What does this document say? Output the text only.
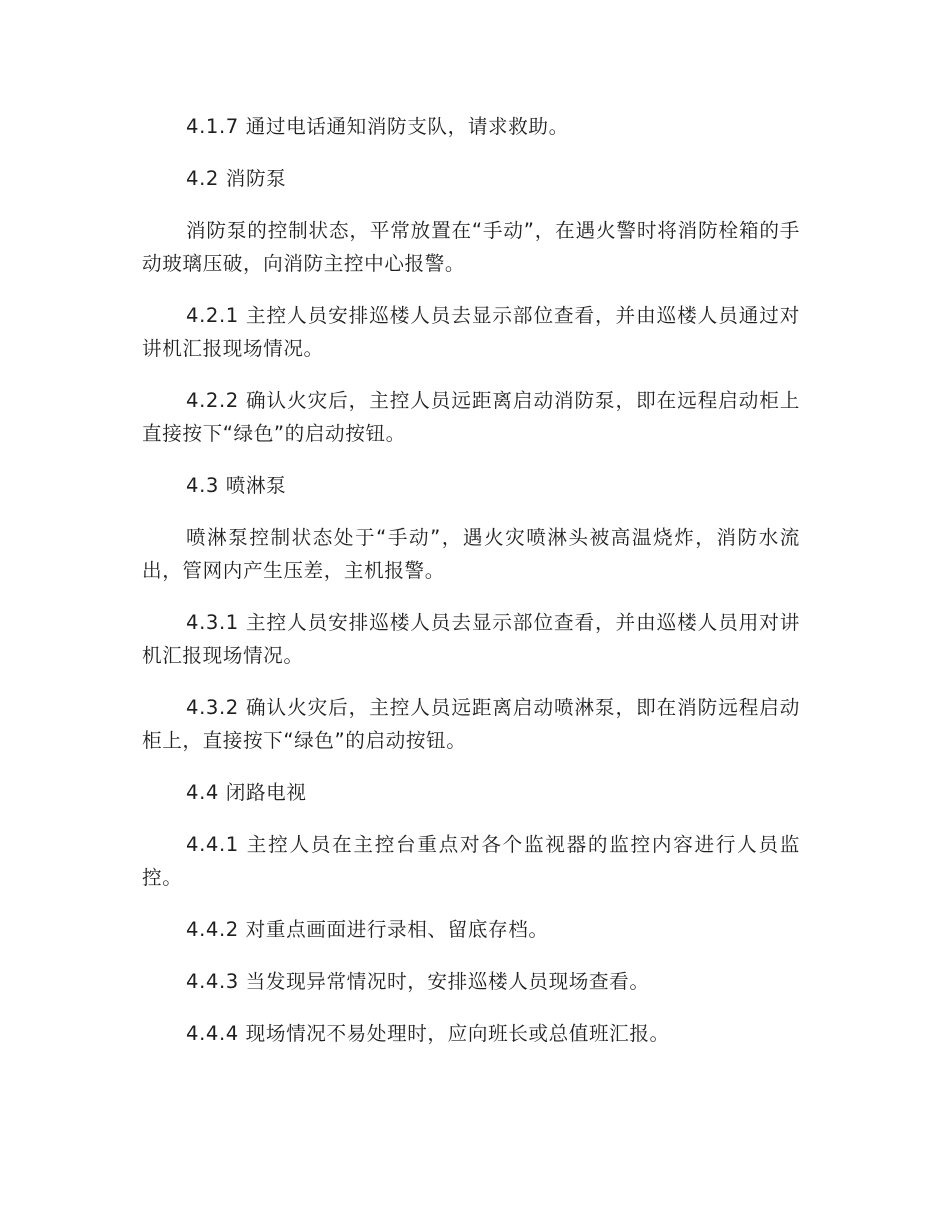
4.1.7 通过电话通知消防支队，请求救助。

4.2 消防泵

消防泵的控制状态，平常放置在“手动”，在遇火警时将消防栓箱的手动玻璃压破，向消防主控中心报警。

4.2.1 主控人员安排巡楼人员去显示部位查看，并由巡楼人员通过对讲机汇报现场情况。

4.2.2 确认火灾后，主控人员远距离启动消防泵，即在远程启动柜上直接按下“绿色”的启动按钮。

4.3 喷淋泵

喷淋泵控制状态处于“手动”，遇火灾喷淋头被高温烧炸，消防水流出，管网内产生压差，主机报警。

4.3.1 主控人员安排巡楼人员去显示部位查看，并由巡楼人员用对讲机汇报现场情况。

4.3.2 确认火灾后，主控人员远距离启动喷淋泵，即在消防远程启动柜上，直接按下“绿色”的启动按钮。

4.4 闭路电视

4.4.1 主控人员在主控台重点对各个监视器的监控内容进行人员监控。

4.4.2 对重点画面进行录相、留底存档。

4.4.3 当发现异常情况时，安排巡楼人员现场查看。

4.4.4 现场情况不易处理时，应向班长或总值班汇报。
